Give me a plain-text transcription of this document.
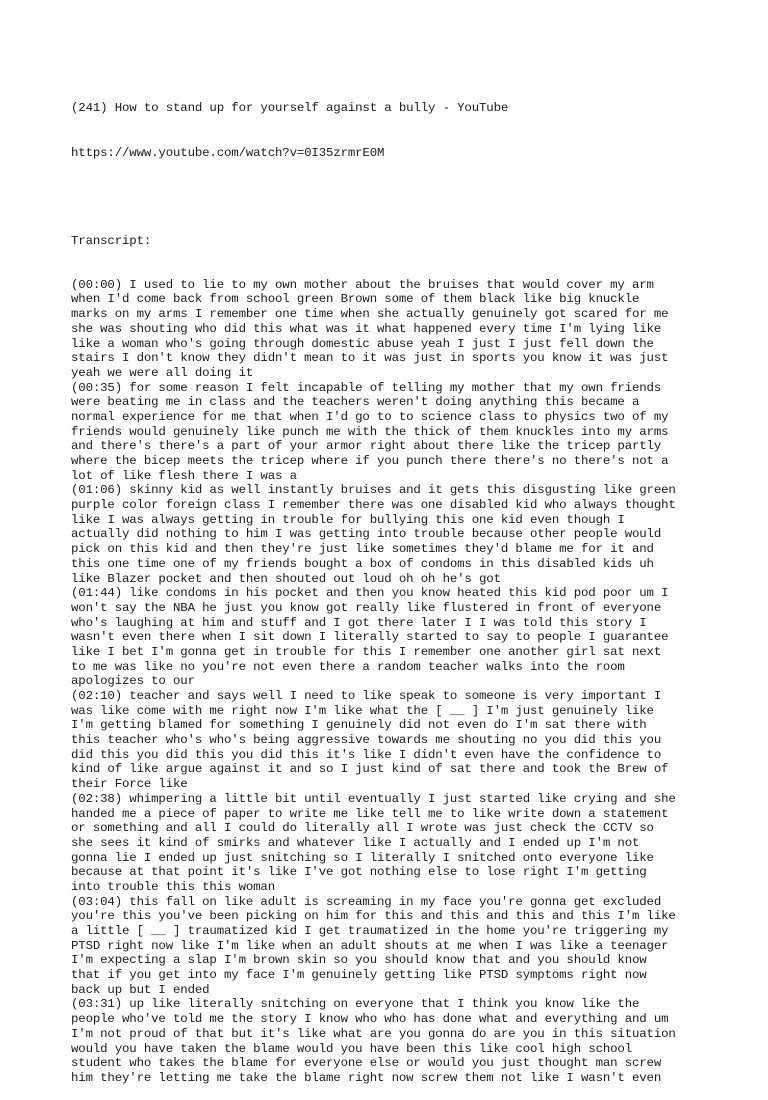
(241) How to stand up for yourself against a bully - YouTube

https://www.youtube.com/watch?v=0I35zrmrE0M

Transcript:

(00:00) I used to lie to my own mother about the bruises that would cover my arm
when I'd come back from school green Brown some of them black like big knuckle
marks on my arms I remember one time when she actually genuinely got scared for me
she was shouting who did this what was it what happened every time I'm lying like
like a woman who's going through domestic abuse yeah I just I just fell down the
stairs I don't know they didn't mean to it was just in sports you know it was just
yeah we were all doing it
(00:35) for some reason I felt incapable of telling my mother that my own friends
were beating me in class and the teachers weren't doing anything this became a
normal experience for me that when I'd go to to science class to physics two of my
friends would genuinely like punch me with the thick of them knuckles into my arms
and there's there's a part of your armor right about there like the tricep partly
where the bicep meets the tricep where if you punch there there's no there's not a
lot of like flesh there I was a
(01:06) skinny kid as well instantly bruises and it gets this disgusting like green
purple color foreign class I remember there was one disabled kid who always thought
like I was always getting in trouble for bullying this one kid even though I
actually did nothing to him I was getting into trouble because other people would
pick on this kid and then they're just like sometimes they'd blame me for it and
this one time one of my friends bought a box of condoms in this disabled kids uh
like Blazer pocket and then shouted out loud oh oh he's got
(01:44) like condoms in his pocket and then you know heated this kid pod poor um I
won't say the NBA he just you know got really like flustered in front of everyone
who's laughing at him and stuff and I got there later I I was told this story I
wasn't even there when I sit down I literally started to say to people I guarantee
like I bet I'm gonna get in trouble for this I remember one another girl sat next
to me was like no you're not even there a random teacher walks into the room
apologizes to our
(02:10) teacher and says well I need to like speak to someone is very important I
was like come with me right now I'm like what the [ __ ] I'm just genuinely like
I'm getting blamed for something I genuinely did not even do I'm sat there with
this teacher who's who's being aggressive towards me shouting no you did this you
did this you did this you did this it's like I didn't even have the confidence to
kind of like argue against it and so I just kind of sat there and took the Brew of
their Force like
(02:38) whimpering a little bit until eventually I just started like crying and she
handed me a piece of paper to write me like tell me to like write down a statement
or something and all I could do literally all I wrote was just check the CCTV so
she sees it kind of smirks and whatever like I actually and I ended up I'm not
gonna lie I ended up just snitching so I literally I snitched onto everyone like
because at that point it's like I've got nothing else to lose right I'm getting
into trouble this this woman
(03:04) this fall on like adult is screaming in my face you're gonna get excluded
you're this you've been picking on him for this and this and this and this I'm like
a little [ __ ] traumatized kid I get traumatized in the home you're triggering my
PTSD right now like I'm like when an adult shouts at me when I was like a teenager
I'm expecting a slap I'm brown skin so you should know that and you should know
that if you get into my face I'm genuinely getting like PTSD symptoms right now
back up but I ended
(03:31) up like literally snitching on everyone that I think you know like the
people who've told me the story I know who who has done what and everything and um
I'm not proud of that but it's like what are you gonna do are you in this situation
would you have taken the blame would you have been this like cool high school
student who takes the blame for everyone else or would you just thought man screw
him they're letting me take the blame right now screw them not like I wasn't even
